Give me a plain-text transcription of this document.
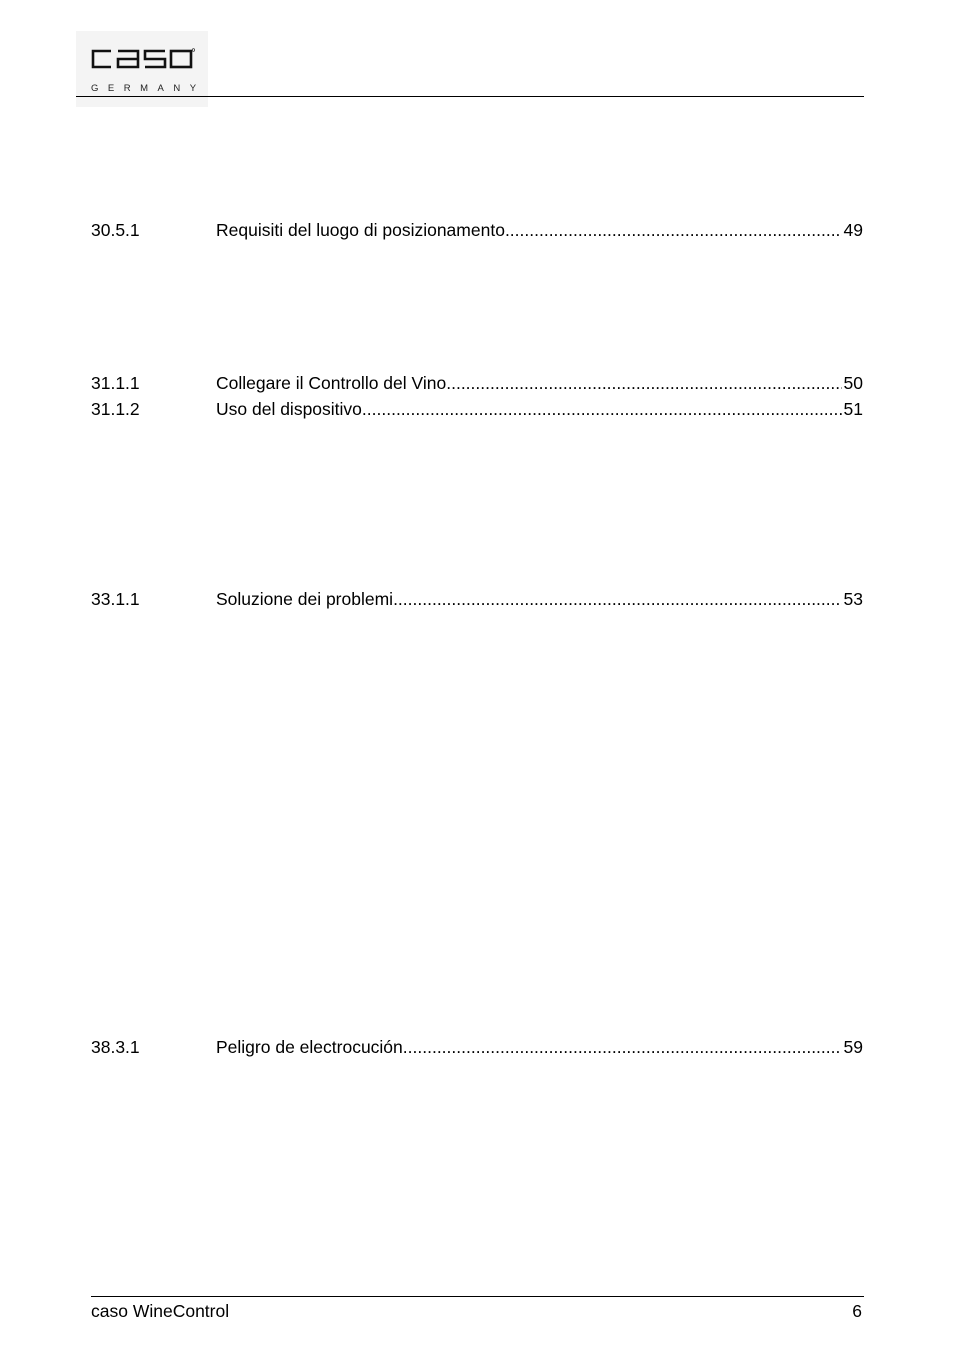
GERMANY
30.5.1	Requisiti del luogo di posizionamento .....	49
31.1.1	Collegare il Controllo del Vino .....	50
31.1.2	Uso del dispositivo .....	51
33.1.1	Soluzione dei problemi .....	53
38.3.1	Peligro de electrocución .....	59
caso WineControl	6
